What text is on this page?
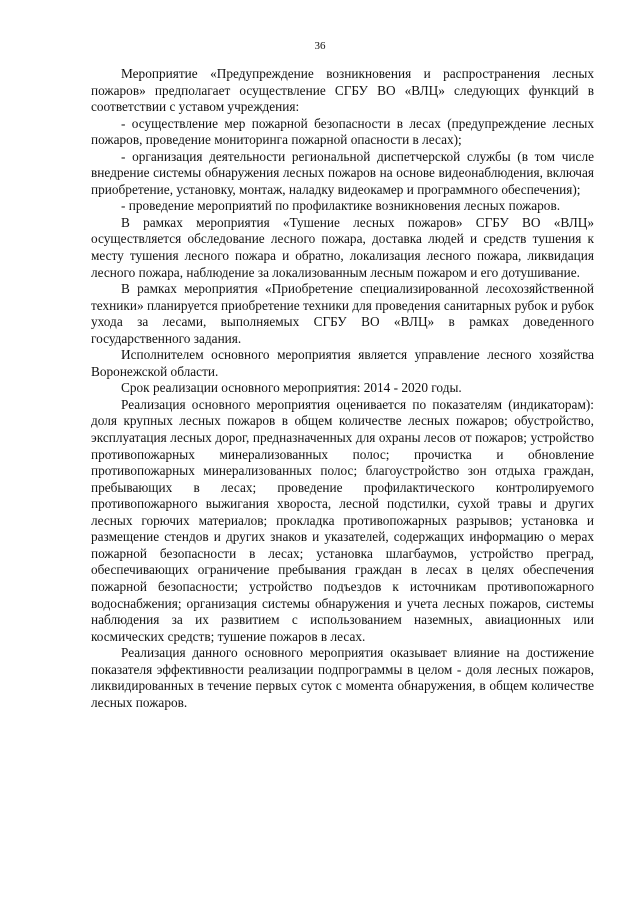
36

Мероприятие «Предупреждение возникновения и распространения лесных пожаров» предполагает осуществление СГБУ ВО «ВЛЦ» следующих функций в соответствии с уставом учреждения:

- осуществление мер пожарной безопасности в лесах (предупреждение лесных пожаров, проведение мониторинга пожарной опасности в лесах);

- организация деятельности региональной диспетчерской службы (в том числе внедрение системы обнаружения лесных пожаров на основе видеонаблюдения, включая приобретение, установку, монтаж, наладку видеокамер и программного обеспечения);

- проведение мероприятий по профилактике возникновения лесных пожаров.

В рамках мероприятия «Тушение лесных пожаров» СГБУ ВО «ВЛЦ» осуществляется обследование лесного пожара, доставка людей и средств тушения к месту тушения лесного пожара и обратно, локализация лесного пожара, ликвидация лесного пожара, наблюдение за локализованным лесным пожаром и его дотушивание.

В рамках мероприятия «Приобретение специализированной лесохозяйственной техники» планируется приобретение техники для проведения санитарных рубок и рубок ухода за лесами, выполняемых СГБУ ВО «ВЛЦ» в рамках доведенного государственного задания.

Исполнителем основного мероприятия является управление лесного хозяйства Воронежской области.

Срок реализации основного мероприятия: 2014 - 2020 годы.

Реализация основного мероприятия оценивается по показателям (индикаторам): доля крупных лесных пожаров в общем количестве лесных пожаров; обустройство, эксплуатация лесных дорог, предназначенных для охраны лесов от пожаров; устройство противопожарных минерализованных полос; прочистка и обновление противопожарных минерализованных полос; благоустройство зон отдыха граждан, пребывающих в лесах; проведение профилактического контролируемого противопожарного выжигания хвороста, лесной подстилки, сухой травы и других лесных горючих материалов; прокладка противопожарных разрывов; установка и размещение стендов и других знаков и указателей, содержащих информацию о мерах пожарной безопасности в лесах; установка шлагбаумов, устройство преград, обеспечивающих ограничение пребывания граждан в лесах в целях обеспечения пожарной безопасности; устройство подъездов к источникам противопожарного водоснабжения; организация системы обнаружения и учета лесных пожаров, системы наблюдения за их развитием с использованием наземных, авиационных или космических средств; тушение пожаров в лесах.

Реализация данного основного мероприятия оказывает влияние на достижение показателя эффективности реализации подпрограммы в целом - доля лесных пожаров, ликвидированных в течение первых суток с момента обнаружения, в общем количестве лесных пожаров.
